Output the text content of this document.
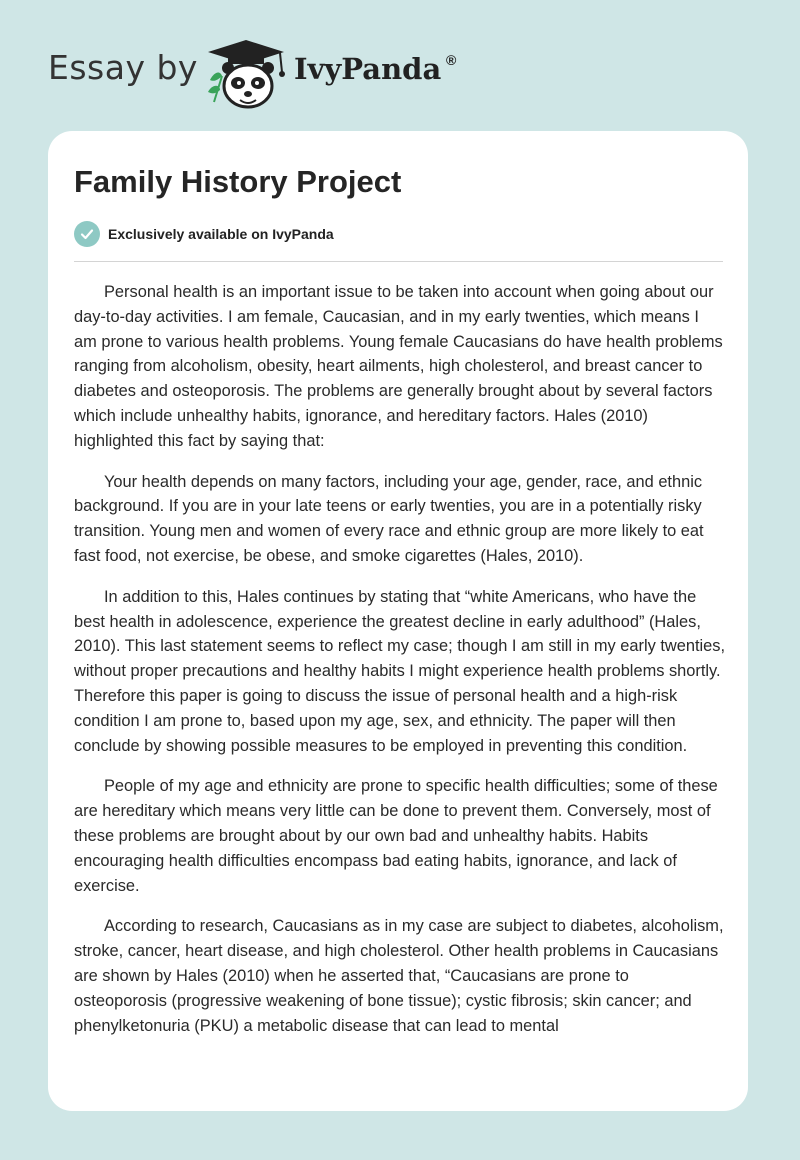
Essay by	IvyPanda ®
Family History Project
Exclusively available on IvyPanda

Personal health is an important issue to be taken into account when going about our day-to-day activities. I am female, Caucasian, and in my early twenties, which means I am prone to various health problems. Young female Caucasians do have health problems ranging from alcoholism, obesity, heart ailments, high cholesterol, and breast cancer to diabetes and osteoporosis. The problems are generally brought about by several factors which include unhealthy habits, ignorance, and hereditary factors. Hales (2010) highlighted this fact by saying that:

Your health depends on many factors, including your age, gender, race, and ethnic background. If you are in your late teens or early twenties, you are in a potentially risky transition. Young men and women of every race and ethnic group are more likely to eat fast food, not exercise, be obese, and smoke cigarettes (Hales, 2010).

In addition to this, Hales continues by stating that “white Americans, who have the best health in adolescence, experience the greatest decline in early adulthood” (Hales, 2010). This last statement seems to reflect my case; though I am still in my early twenties, without proper precautions and healthy habits I might experience health problems shortly. Therefore this paper is going to discuss the issue of personal health and a high-risk condition I am prone to, based upon my age, sex, and ethnicity. The paper will then conclude by showing possible measures to be employed in preventing this condition.

People of my age and ethnicity are prone to specific health difficulties; some of these are hereditary which means very little can be done to prevent them. Conversely, most of these problems are brought about by our own bad and unhealthy habits. Habits encouraging health difficulties encompass bad eating habits, ignorance, and lack of exercise.

According to research, Caucasians as in my case are subject to diabetes, alcoholism, stroke, cancer, heart disease, and high cholesterol. Other health problems in Caucasians are shown by Hales (2010) when he asserted that, “Caucasians are prone to osteoporosis (progressive weakening of bone tissue); cystic fibrosis; skin cancer; and phenylketonuria (PKU) a metabolic disease that can lead to mental
